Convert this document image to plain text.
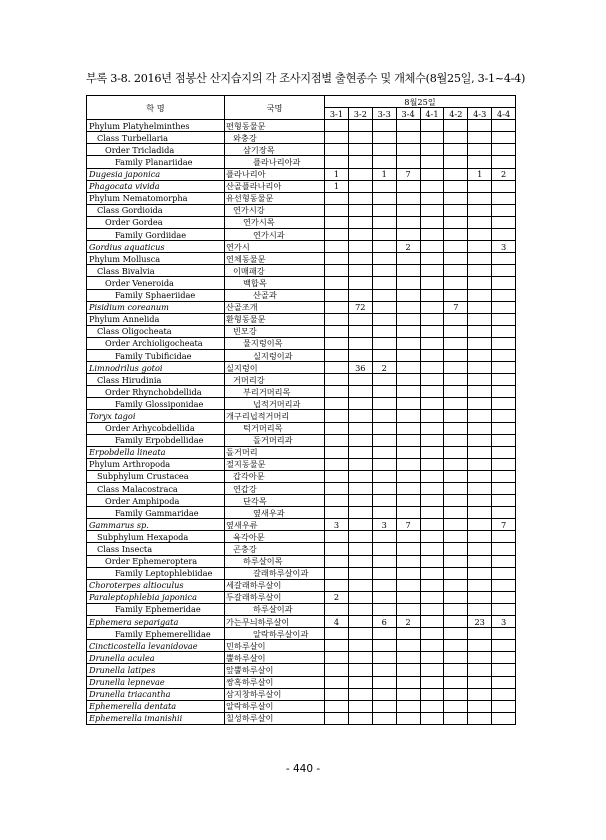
부록 3-8. 2016년 점봉산 산지습지의 각 조사지점별 출현종수 및 개체수(8월25일, 3-1~4-4)
학 명	국명	8월25일							
		3-1	3-2	3-3	3-4	4-1	4-2	4-3	4-4
Phylum Platyhelminthes	편형동물문								
Class Turbellaria	와충강								
Order Tricladida	삼기장목								
Family Planariidae	플라나리아과								
Dugesia japonica	플라나리아	1		1	7			1	2
Phagocata vivida	산골플라나리아	1							
Phylum Nematomorpha	유선형동물문								
Class Gordioida	연가시강								
Order Gordea	연가시목								
Family Gordiidae	연가시과								
Gordius aquaticus	연가시				2				3
Phylum Mollusca	연체동물문								
Class Bivalvia	이매패강								
Order Veneroida	백합목								
Family Sphaeriidae	산골과								
Pisidium coreanum	산골조개		72				7		
Phylum Annelida	환형동물문								
Class Oligocheata	빈모강								
Order Archioligocheata	물지렁이목								
Family Tubificidae	실지렁이과								
Limnodrilus gotoi	실지렁이		36	2					
Class Hirudinia	거머리강								
Order Rhynchobdellida	부리거머리목								
Family Glossiponidae	넙적거머리과								
Toryx tagoi	개구리넙적거머리								
Order Arhycobdellida	턱거머리목								
Family Erpobdellidae	돌거머리과								
Erpobdella lineata	돌거머리								
Phylum Arthropoda	절지동물문								
Subphylum Crustacea	갑각아문								
Class Malacostraca	연갑강								
Order Amphipoda	단각목								
Family Gammaridae	옆새우과								
Gammarus sp.	옆새우류	3		3	7				7
Subphylum Hexapoda	육각아문								
Class Insecta	곤충강								
Order Ephemeroptera	하루살이목								
Family Leptophlebiidae	갈래하루살이과								
Choroterpes altioculus	세갈래하루살이								
Paraleptophlebia japonica	두갈래하루살이	2							
Family Ephemeridae	하루살이과								
Ephemera separigata	가는무늬하루살이	4		6	2			23	3
Family Ephemerellidae	알락하루살이과								
Cincticostella levanidovae	민하루살이								
Drunella aculea	뿔하루살이								
Drunella latipes	앞뿔하루살이								
Drunella lepnevae	쌍혹하루살이								
Drunella triacantha	삼지창하루살이								
Ephemerella dentata	알락하루살이								
Ephemerella imanishii	칠성하루살이								
- 440 -
